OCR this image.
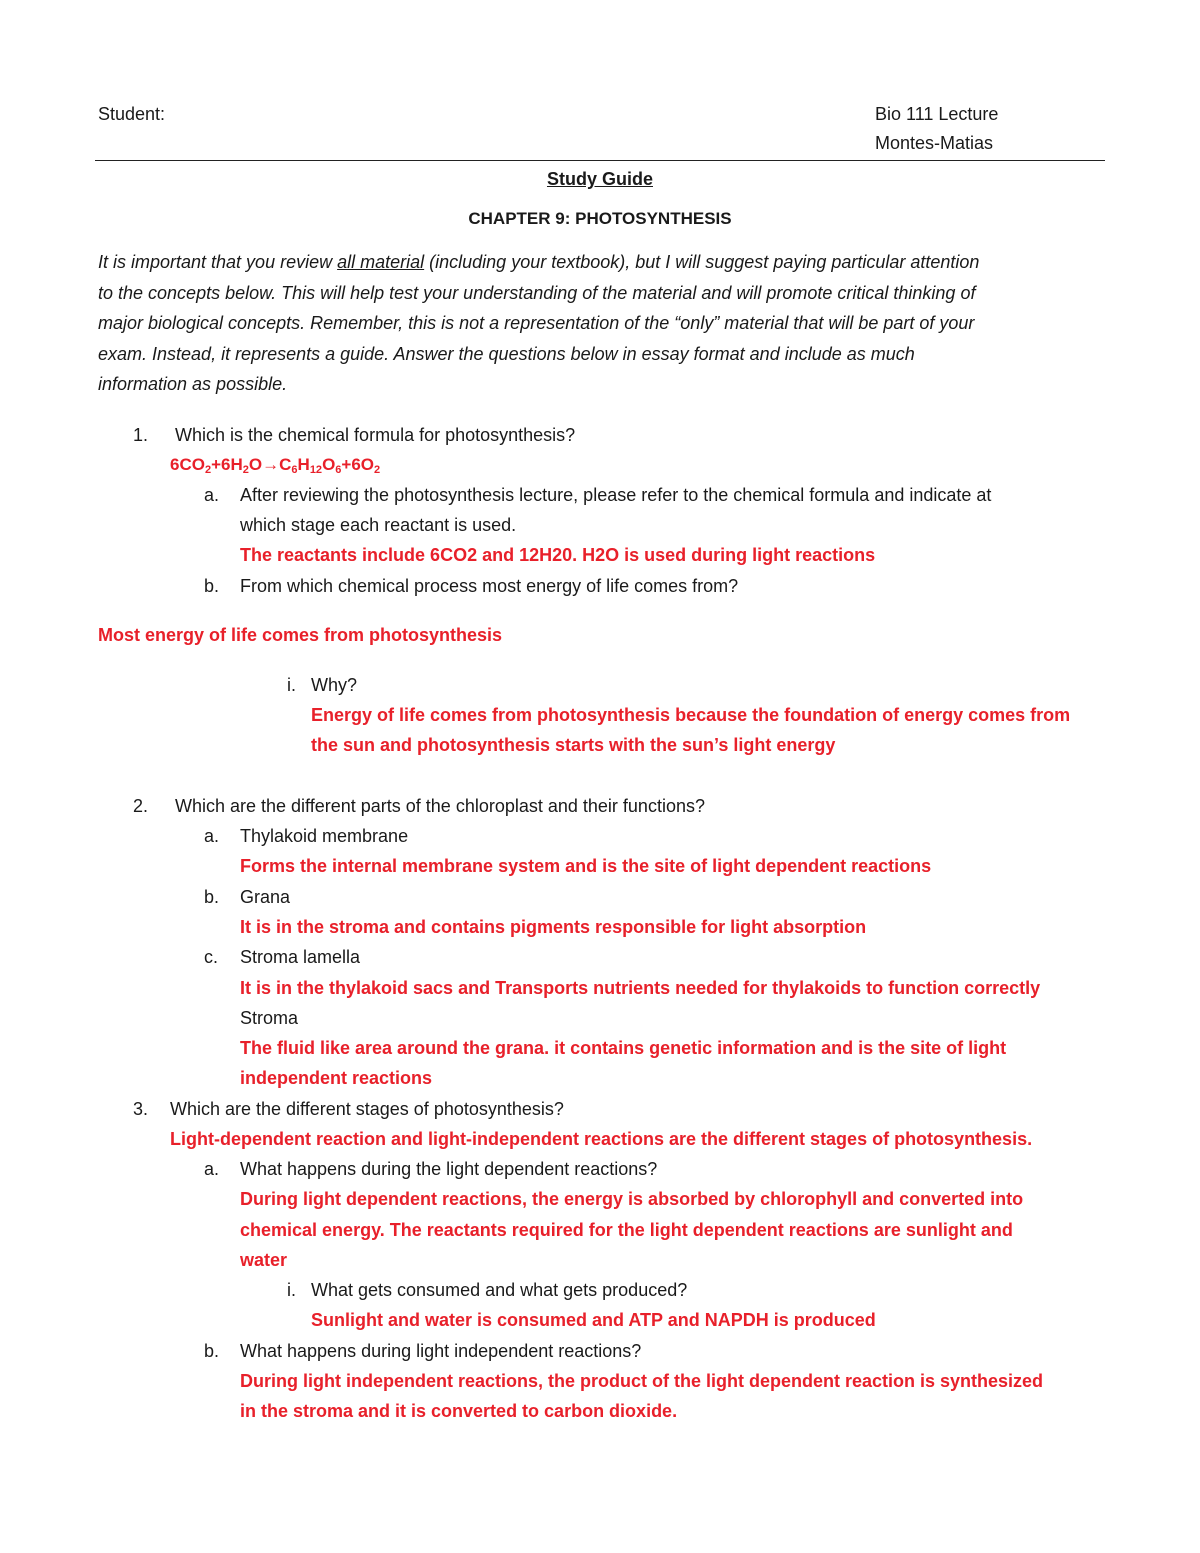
Student:	Bio 111 Lecture
Montes-Matias
Study Guide
CHAPTER 9: PHOTOSYNTHESIS
It is important that you review all material (including your textbook), but I will suggest paying particular attention
to the concepts below. This will help test your understanding of the material and will promote critical thinking of
major biological concepts. Remember, this is not a representation of the “only” material that will be part of your
exam. Instead, it represents a guide. Answer the questions below in essay format and include as much
information as possible.
1. Which is the chemical formula for photosynthesis?
$6CO_2+6H_2O\to C_6H_{12}O_6+6O_2$
a. After reviewing the photosynthesis lecture, please refer to the chemical formula and indicate at
which stage each reactant is used.
The reactants include 6CO2 and 12H20. H2O is used during light reactions
b. From which chemical process most energy of life comes from?
Most energy of life comes from photosynthesis
i. Why?
Energy of life comes from photosynthesis because the foundation of energy comes from
the sun and photosynthesis starts with the sun’s light energy
2. Which are the different parts of the chloroplast and their functions?
a. Thylakoid membrane
Forms the internal membrane system and is the site of light dependent reactions
b. Grana
It is in the stroma and contains pigments responsible for light absorption
c. Stroma lamella
It is in the thylakoid sacs and Transports nutrients needed for thylakoids to function correctly
Stroma
The fluid like area around the grana. it contains genetic information and is the site of light
independent reactions
3. Which are the different stages of photosynthesis?
Light-dependent reaction and light-independent reactions are the different stages of photosynthesis.
a. What happens during the light dependent reactions?
During light dependent reactions, the energy is absorbed by chlorophyll and converted into
chemical energy. The reactants required for the light dependent reactions are sunlight and
water
i. What gets consumed and what gets produced?
Sunlight and water is consumed and ATP and NAPDH is produced
b. What happens during light independent reactions?
During light independent reactions, the product of the light dependent reaction is synthesized
in the stroma and it is converted to carbon dioxide.
